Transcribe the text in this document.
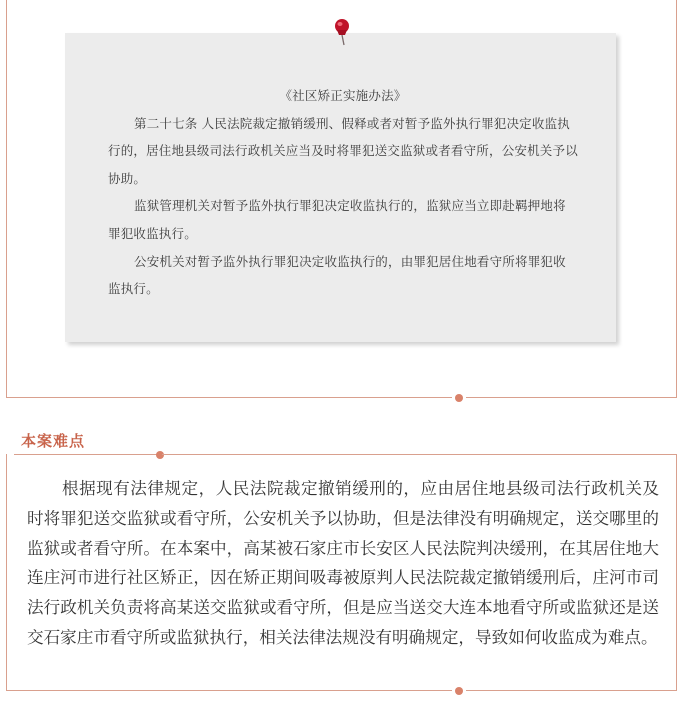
《社区矫正实施办法》

第二十七条 人民法院裁定撤销缓刑、假释或者对暂予监外执行罪犯决定收监执行的，居住地县级司法行政机关应当及时将罪犯送交监狱或者看守所，公安机关予以协助。

监狱管理机关对暂予监外执行罪犯决定收监执行的，监狱应当立即赴羁押地将罪犯收监执行。

公安机关对暂予监外执行罪犯决定收监执行的，由罪犯居住地看守所将罪犯收监执行。

本案难点

根据现有法律规定，人民法院裁定撤销缓刑的，应由居住地县级司法行政机关及时将罪犯送交监狱或看守所，公安机关予以协助，但是法律没有明确规定，送交哪里的监狱或者看守所。在本案中，高某被石家庄市长安区人民法院判决缓刑，在其居住地大连庄河市进行社区矫正，因在矫正期间吸毒被原判人民法院裁定撤销缓刑后，庄河市司法行政机关负责将高某送交监狱或看守所，但是应当送交大连本地看守所或监狱还是送交石家庄市看守所或监狱执行，相关法律法规没有明确规定，导致如何收监成为难点。
